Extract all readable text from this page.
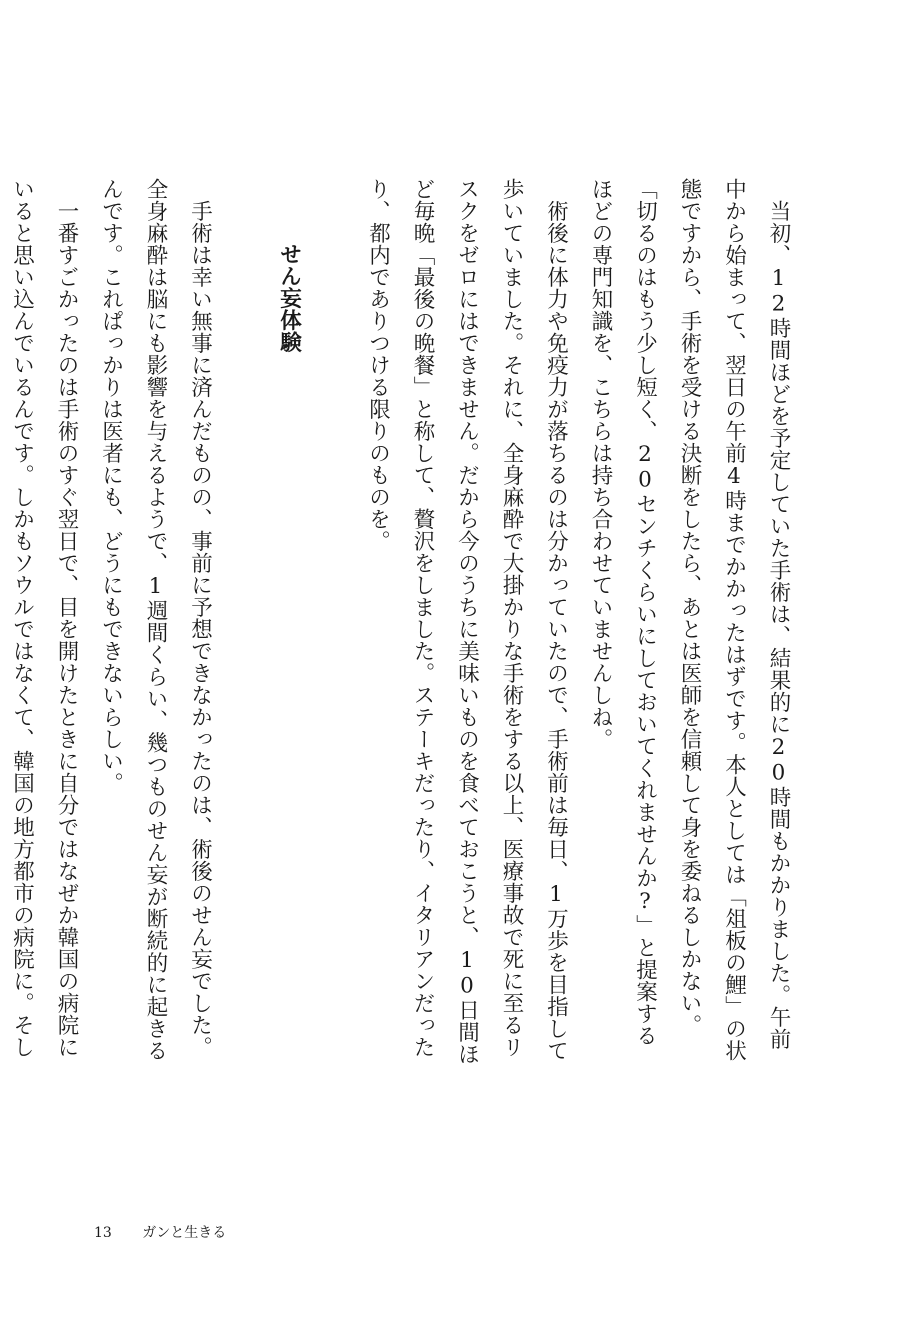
当初、12時間ほどを予定していた手術は、結果的に20時間もかかりました。午前中から始まって、翌日の午前4時までかかったはずです。本人としては「俎板の鯉」の状態ですから、手術を受ける決断をしたら、あとは医師を信頼して身を委ねるしかない。「切るのはもう少し短く、20センチくらいにしておいてくれませんか?」と提案するほどの専門知識を、こちらは持ち合わせていませんしね。

術後に体力や免疫力が落ちるのは分かっていたので、手術前は毎日、1万歩を目指して歩いていました。それに、全身麻酔で大掛かりな手術をする以上、医療事故で死に至るリスクをゼロにはできません。だから今のうちに美味いものを食べておこうと、10日間ほど毎晩「最後の晩餐」と称して、贅沢をしました。ステーキだったり、イタリアンだったり、都内でありつける限りのものを。

せん妄体験

手術は幸い無事に済んだものの、事前に予想できなかったのは、術後のせん妄でした。全身麻酔は脳にも影響を与えるようで、1週間くらい、幾つものせん妄が断続的に起きるんです。これぱっかりは医者にも、どうにもできないらしい。

一番すごかったのは手術のすぐ翌日で、目を開けたときに自分ではなぜか韓国の病院にいると思い込んでいるんです。しかもソウルではなくて、韓国の地方都市の病院に。そし

13 ガンと生きる
